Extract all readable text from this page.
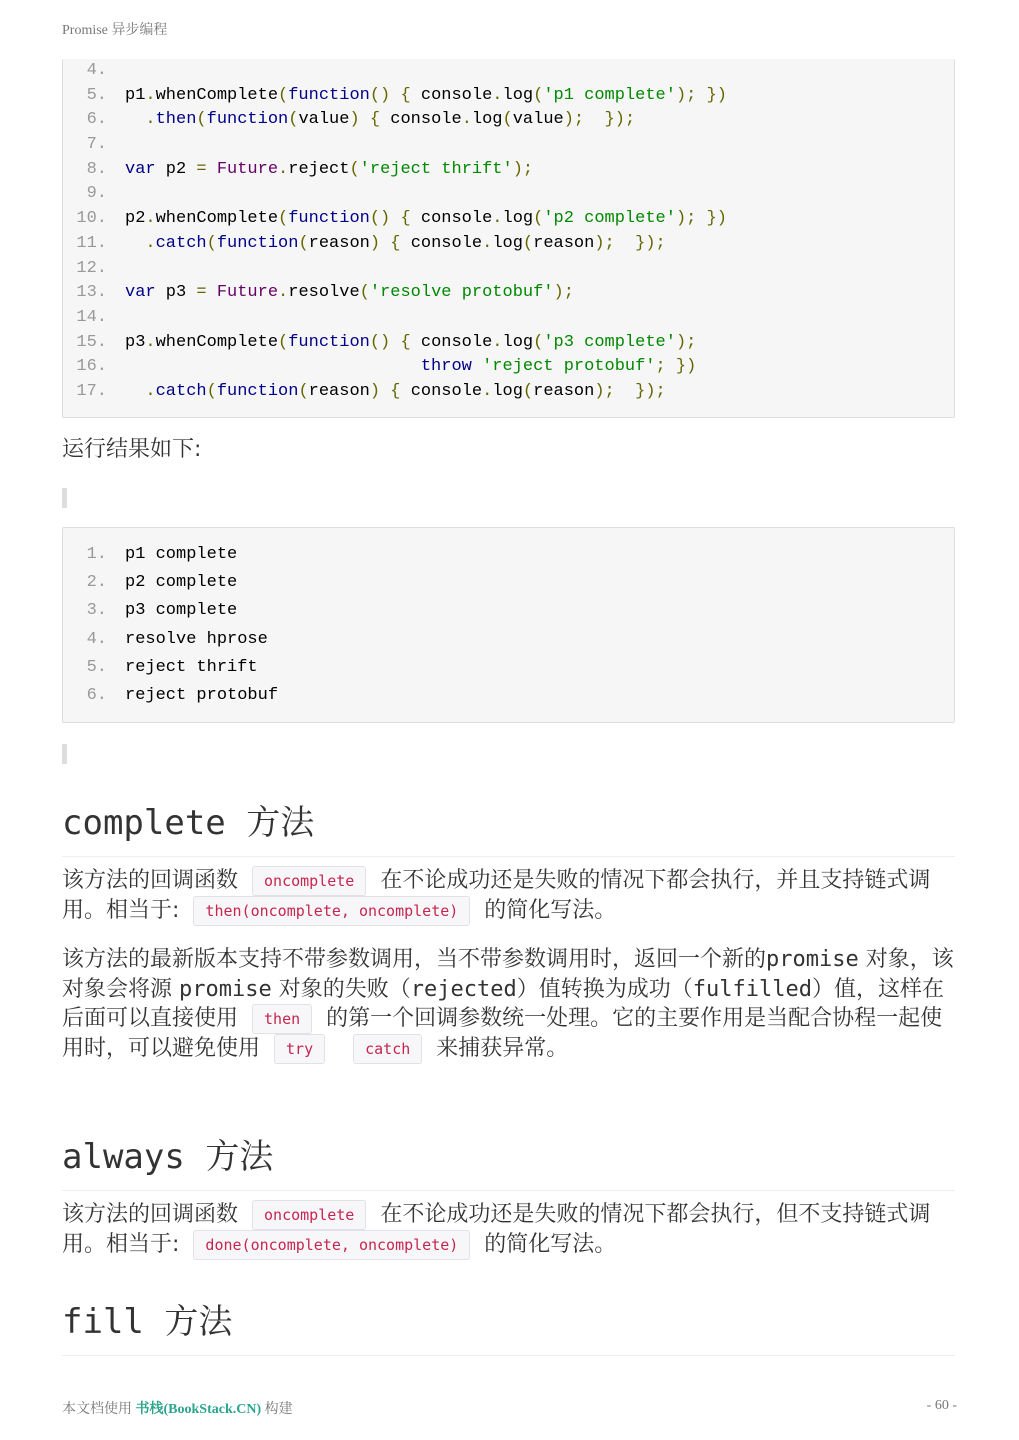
Promise 异步编程
4.
5. p1.whenComplete(function() { console.log('p1 complete'); })
6.	.then(function(value) { console.log(value);  });
7.
8. var p2 = Future.reject('reject thrift');
9.
10. p2.whenComplete(function() { console.log('p2 complete'); })
11.	.catch(function(reason) { console.log(reason);  });
12.
13. var p3 = Future.resolve('resolve protobuf');
14.
15. p3.whenComplete(function() { console.log('p3 complete');
16.	throw 'reject protobuf'; })
17.	.catch(function(reason) { console.log(reason);  });
运行结果如下:
1. p1 complete
2. p2 complete
3. p3 complete
4. resolve hprose
5. reject thrift
6. reject protobuf
complete 方法
该方法的回调函数 oncomplete 在不论成功还是失败的情况下都会执行，并且支持链式调用。相当于: then(oncomplete, oncomplete) 的简化写法。
该方法的最新版本支持不带参数调用，当不带参数调用时，返回一个新的promise 对象，该对象会将源 promise 对象的失败（rejected）值转换为成功（fulfilled）值，这样在后面可以直接使用 then 的第一个回调参数统一处理。它的主要作用是当配合协程一起使用时，可以避免使用 try	catch 来捕获异常。
always 方法
该方法的回调函数 oncomplete 在不论成功还是失败的情况下都会执行，但不支持链式调用。相当于: done(oncomplete, oncomplete) 的简化写法。
fill 方法
本文档使用 书栈(BookStack.CN) 构建	- 60 -
